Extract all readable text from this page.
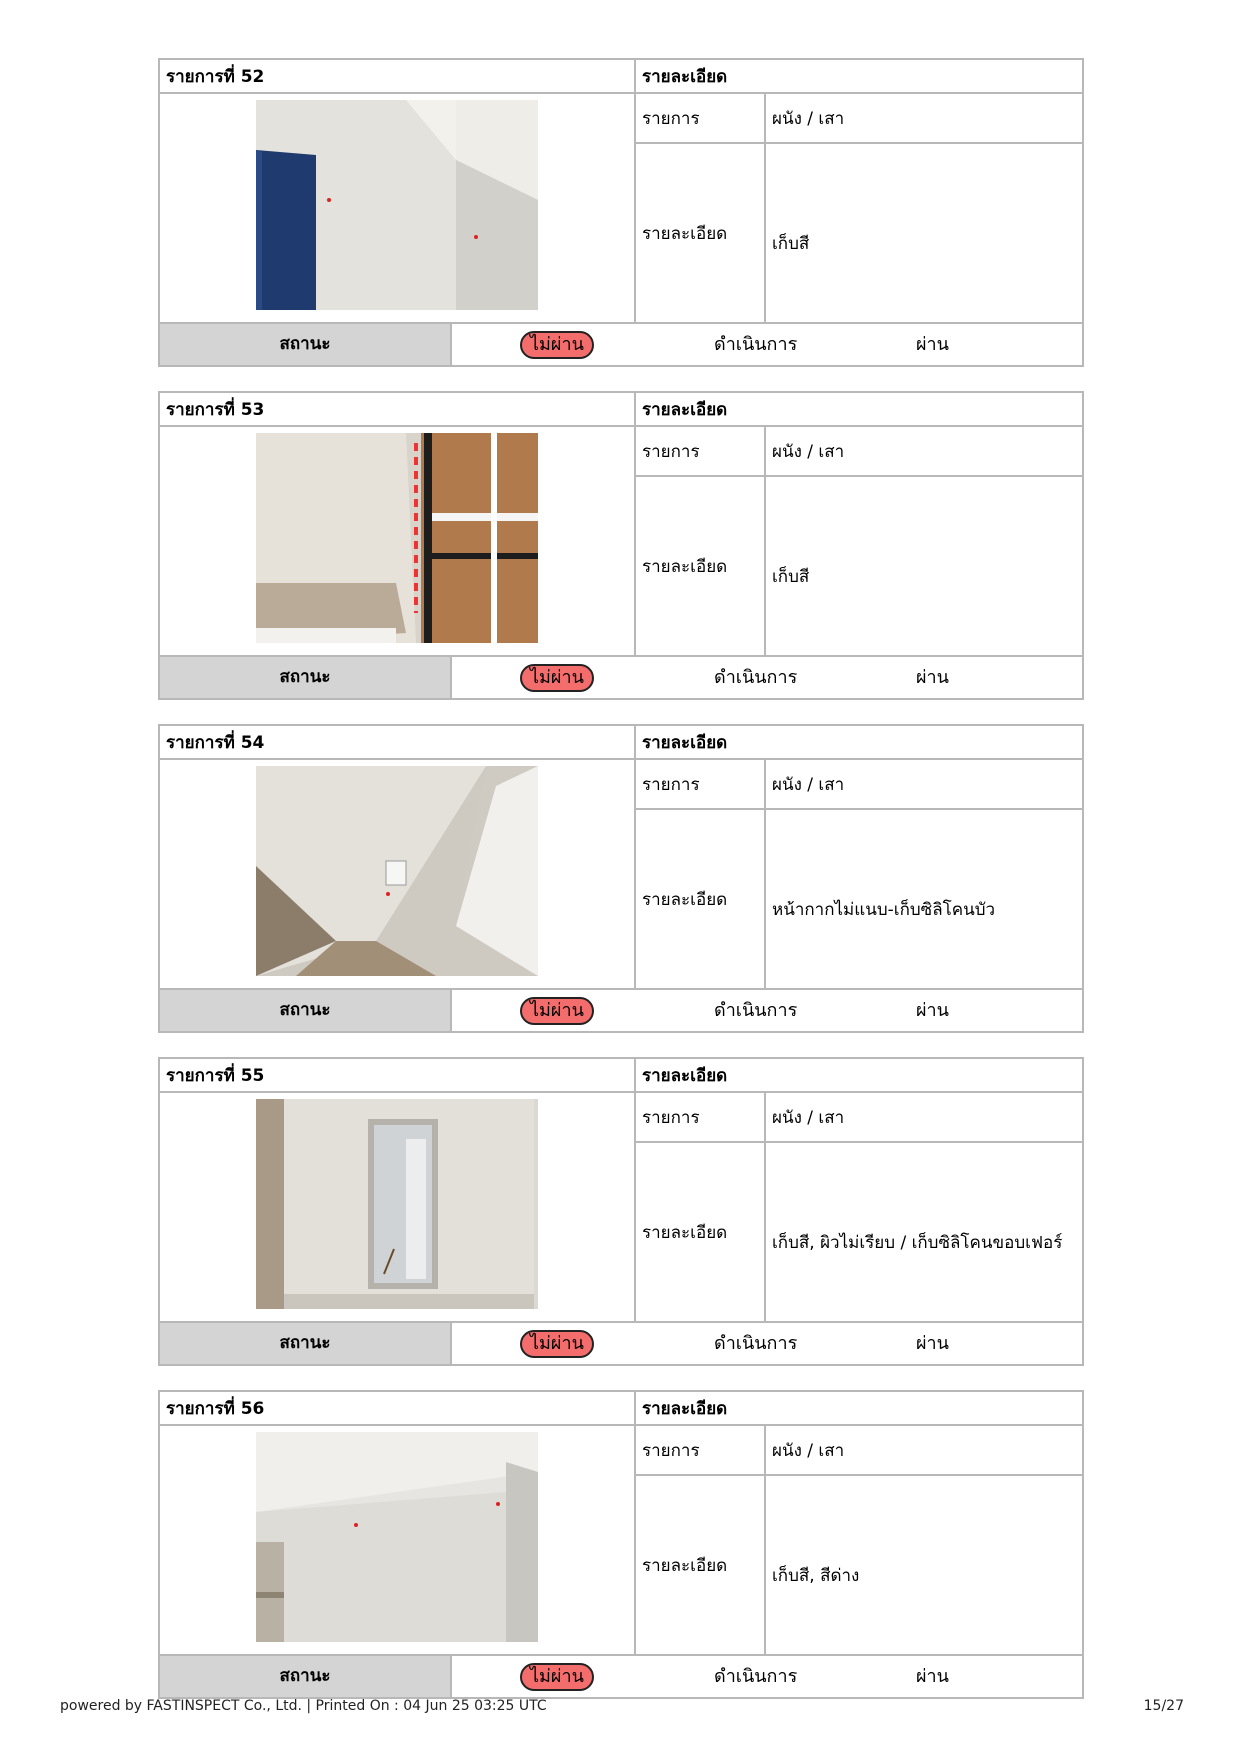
รายการที่ 52	รายละเอียด
รายการ	ผนัง / เสา
รายละเอียด	เก็บสี
สถานะ	ไม่ผ่าน	ดำเนินการ	ผ่าน
รายการที่ 53	รายละเอียด
รายการ	ผนัง / เสา
รายละเอียด	เก็บสี
สถานะ	ไม่ผ่าน	ดำเนินการ	ผ่าน
รายการที่ 54	รายละเอียด
รายการ	ผนัง / เสา
รายละเอียด	หน้ากากไม่แนบ-เก็บซิลิโคนบัว
สถานะ	ไม่ผ่าน	ดำเนินการ	ผ่าน
รายการที่ 55	รายละเอียด
รายการ	ผนัง / เสา
รายละเอียด	เก็บสี, ผิวไม่เรียบ / เก็บซิลิโคนขอบเฟอร์
สถานะ	ไม่ผ่าน	ดำเนินการ	ผ่าน
รายการที่ 56	รายละเอียด
รายการ	ผนัง / เสา
รายละเอียด	เก็บสี, สีด่าง
สถานะ	ไม่ผ่าน	ดำเนินการ	ผ่าน
powered by FASTINSPECT Co., Ltd. | Printed On : 04 Jun 25 03:25 UTC	15/27
